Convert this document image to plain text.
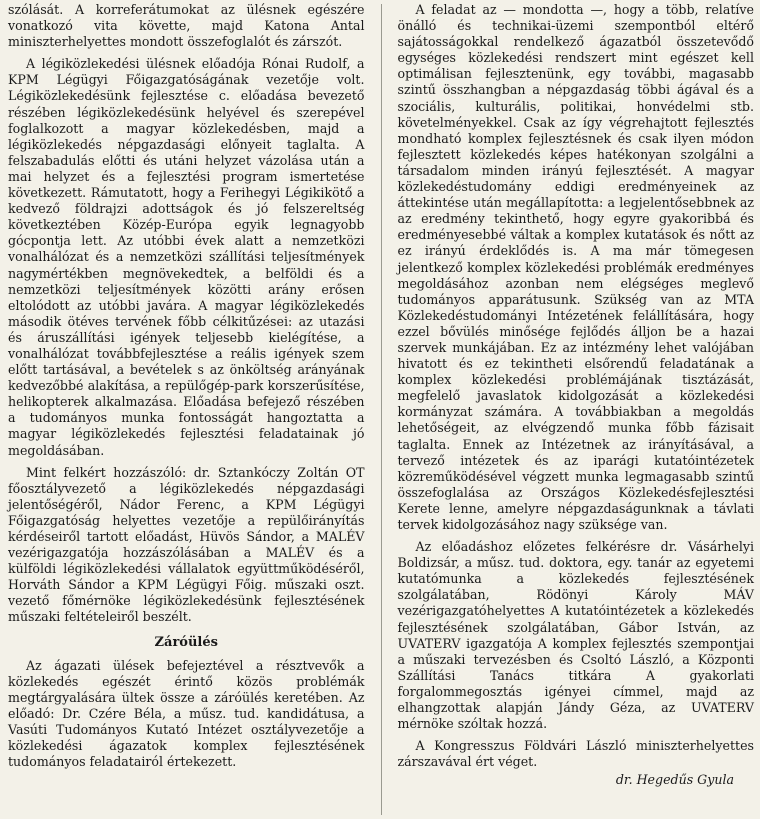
szólását. A korreferátumokat az ülésnek egészére vonatkozó vita követte, majd Katona Antal miniszterhelyettes mondott összefoglalót és zárszót.

A légiközlekedési ülésnek előadója Rónai Rudolf, a KPM Légügyi Főigazgatóságának vezetője volt. Légiközlekedésünk fejlesztése c. előadása bevezető részében légiközlekedésünk helyével és szerepével foglalkozott a magyar közlekedésben, majd a légiközlekedés népgazdasági előnyeit taglalta. A felszabadulás előtti és utáni helyzet vázolása után a mai helyzet és a fejlesztési program ismertetése következett. Rámutatott, hogy a Ferihegyi Légikikötő a kedvező földrajzi adottságok és jó felszereltség következtében Közép-Európa egyik legnagyobb gócpontja lett. Az utóbbi évek alatt a nemzetközi vonalhálózat és a nemzetközi szállítási teljesítmények nagymértékben megnövekedtek, a belföldi és a nemzetközi teljesítmények közötti arány erősen eltolódott az utóbbi javára. A magyar légiközlekedés második ötéves tervének főbb célkitűzései: az utazási és áruszállítási igények teljesebb kielégítése, a vonalhálózat továbbfejlesztése a reális igények szem előtt tartásával, a bevételek s az önköltség arányának kedvezőbbé alakítása, a repülőgép-park korszerűsítése, helikopterek alkalmazása. Előadása befejező részében a tudományos munka fontosságát hangoztatta a magyar légiközlekedés fejlesztési feladatainak jó megoldásában.

Mint felkért hozzászóló: dr. Sztankóczy Zoltán OT főosztályvezető a légiközlekedés népgazdasági jelentőségéről, Nádor Ferenc, a KPM Légügyi Főigazgatóság helyettes vezetője a repülőirányítás kérdéseiről tartott előadást, Hüvös Sándor, a MALÉV vezérigazgatója hozzászólásában a MALÉV és a külföldi légiközlekedési vállalatok együttműködéséről, Horváth Sándor a KPM Légügyi Főig. műszaki oszt. vezető főmérnöke légiközlekedésünk fejlesztésének műszaki feltételeiről beszélt.

Záróülés

Az ágazati ülések befejeztével a résztvevők a közlekedés egészét érintő közös problémák megtárgyalására ültek össze a záróülés keretében. Az előadó: Dr. Czére Béla, a műsz. tud. kandidátusa, a Vasúti Tudományos Kutató Intézet osztályvezetője a közlekedési ágazatok komplex fejlesztésének tudományos feladatairól értekezett.

A feladat az — mondotta —, hogy a több, relatíve önálló és technikai-üzemi szempontból eltérő sajátosságokkal rendelkező ágazatból összetevődő egységes közlekedési rendszert mint egészet kell optimálisan fejlesztenünk, egy további, magasabb szintű összhangban a népgazdaság többi ágával és a szociális, kulturális, politikai, honvédelmi stb. követelményekkel. Csak az így végrehajtott fejlesztés mondható komplex fejlesztésnek és csak ilyen módon fejlesztett közlekedés képes hatékonyan szolgálni a társadalom minden irányú fejlesztését. A magyar közlekedéstudomány eddigi eredményeinek az áttekintése után megállapította: a legjelentősebbnek az az eredmény tekinthető, hogy egyre gyakoribbá és eredményesebbé váltak a komplex kutatások és nőtt az ez irányú érdeklődés is. A ma már tömegesen jelentkező komplex közlekedési problémák eredményes megoldásához azonban nem elégséges meglevő tudományos apparátusunk. Szükség van az MTA Közlekedéstudományi Intézetének felállítására, hogy ezzel bővülés minősége fejlődés álljon be a hazai szervek munkájában. Ez az intézmény lehet valójában hivatott és ez tekintheti elsőrendű feladatának a komplex közlekedési problémájának tisztázását, megfelelő javaslatok kidolgozását a közlekedési kormányzat számára. A továbbiakban a megoldás lehetőségeit, az elvégzendő munka főbb fázisait taglalta. Ennek az Intézetnek az irányításával, a tervező intézetek és az iparági kutatóintézetek közreműködésével végzett munka legmagasabb szintű összefoglalása az Országos Közlekedésfejlesztési Kerete lenne, amelyre népgazdaságunknak a távlati tervek kidolgozásához nagy szüksége van.

Az előadáshoz előzetes felkérésre dr. Vásárhelyi Boldizsár, a műsz. tud. doktora, egy. tanár az egyetemi kutatómunka a közlekedés fejlesztésének szolgálatában, Rödönyi Károly MÁV vezérigazgatóhelyettes A kutatóintézetek a közlekedés fejlesztésének szolgálatában, Gábor István, az UVATERV igazgatója A komplex fejlesztés szempontjai a műszaki tervezésben és Csoltó László, a Központi Szállítási Tanács titkára A gyakorlati forgalommegosztás igényei címmel, majd az elhangzottak alapján Jándy Géza, az UVATERV mérnöke szóltak hozzá.

A Kongresszus Földvári László miniszterhelyettes zárszavával ért véget.

dr. Hegedűs Gyula
